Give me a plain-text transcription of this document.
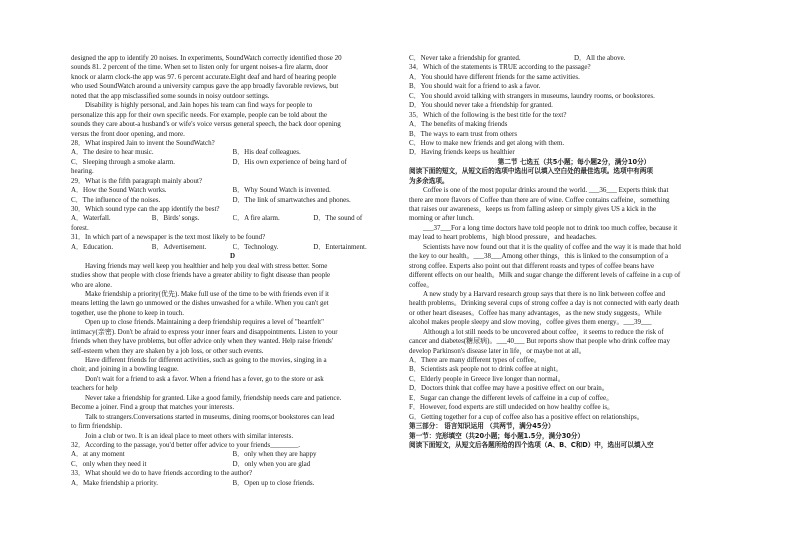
designed the app to identify 20 noises. In experiments, SoundWatch correctly identified those 20
sounds 81. 2 percent of the time. When set to listen only for urgent noises-a fire alarm, door
knock or alarm clock-the app was 97. 6 percent accurate.Eight deaf and hard of hearing people
who used SoundWatch around a university campus gave the app broadly favorable reviews, but
noted that the app misclassified some sounds in noisy outdoor settings.
Disability is highly personal, and Jain hopes his team can find ways for people to
personalize this app for their own specific needs. For example, people can be told about the
sounds they care about-a husband's or wife's voice versus general speech, the back door opening
versus the front door opening, and more.
28．What inspired Jain to invent the SoundWatch?
A．The desire to hear music.	B．His deaf colleagues.
C．Sleeping through a smoke alarm.	D．His own experience of being hard of
hearing.
29．What is the fifth paragraph mainly about?
A．How the Sound Watch works.	B．Why Sound Watch is invented.
C．The influence of the noises.	D．The link of smartwatches and phones.
30．Which sound type can the app identify the best?
A．Waterfall.	B．Birds' songs.	C．A fire alarm.	D．The sound of
forest.
31．In which part of a newspaper is the text most likely to be found?
A．Education.	B．Advertisement.	C．Technology.	D．Entertainment.
D
Having friends may well keep you healthier and help you deal with stress better. Some
studies show that people with close friends have a greater ability to fight disease than people
who are alone.
Make friendship a priority(优先). Make full use of the time to be with friends even if it
means letting the lawn go unmowed or the dishes unwashed for a while. When you can't get
together, use the phone to keep in touch.
Open up to close friends. Maintaining a deep friendship requires a level of "heartfelt"
intimacy(亲密). Don't be afraid to express your inner fears and disappointments. Listen to your
friends when they have problems, but offer advice only when they wanted. Help raise friends'
self-esteem when they are shaken by a job loss, or other such events.
Have different friends for different activities, such as going to the movies, singing in a
choir, and joining in a bowling league.
Don't wait for a friend to ask a favor. When a friend has a fever, go to the store or ask
teachers for help
Never take a friendship for granted. Like a good family, friendship needs care and patience.
Become a joiner. Find a group that matches your interests.
Talk to strangers.Conversations started in museums, dining rooms,or bookstores can lead
to firm friendship.
Join a club or two. It is an ideal place to meet others with similar interests.
32．According to the passage, you'd better offer advice to your friends________.
A．at any moment	B．only when they are happy
C．only when they need it	D．only when you are glad
33．What should we do to have friends according to the author?
A．Make friendship a priority.	B．Open up to close friends.
C．Never take a friendship for granted.	D．All the above.
34．Which of the statements is TRUE according to the passage?
A．You should have different friends for the same activities.
B．You should wait for a friend to ask a favor.
C．You should avoid talking with strangers in museums, laundry rooms, or bookstores.
D．You should never take a friendship for granted.
35．Which of the following is the best title for the text?
A．The benefits of making friends
B．The ways to earn trust from others
C．How to make new friends and get along with them.
D．Having friends keeps us healthier
第二节 七选五（共5小题；每小题2分，满分10分）
阅读下面的短文，从短文后的选项中选出可以填入空白处的最佳选项。选项中有两项
为多余选项。
Coffee is one of the most popular drinks around the world. ___36___ Experts think that
there are more flavors of Coffee than there are of wine. Coffee contains caffeine，something
that raises our awareness，keeps us from falling asleep or simply gives US a kick in the
morning or after lunch.
___37___For a long time doctors have told people not to drink too much coffee, because it
may lead to heart problems，high blood pressure，and headaches.
Scientists have now found out that it is the quality of coffee and the way it is made that hold
the key to our health。___38___Among other things，this is linked to the consumption of a
strong coffee. Experts also point out that different roasts and types of coffee beans have
different effects on our health。Milk and sugar change the different levels of caffeine in a cup of
coffee。
A new study by a Harvard research group says that there is no link between coffee and
health problems。Drinking several cups of strong coffee a day is not connected with early death
or other heart diseases。Coffee has many advantages，as the new study suggests。While
alcohol makes people sleepy and slow moving，coffee gives them energy。___39___
Although a lot still needs to be uncovered about coffee，it seems to reduce the risk of
cancer and diabetes(糖尿病)。___40___ But reports show that people who drink coffee may
develop Parkinson's disease later in life，or maybe not at all。
A．There are many different types of coffee。
B．Scientists ask people not to drink coffee at night。
C．Elderly people in Greece live longer than normal。
D．Doctors think that coffee may have a positive effect on our brain。
E．Sugar can change the different levels of caffeine in a cup of coffee。
F．However, food experts are still undecided on how healthy coffee is。
G．Getting together for a cup of coffee also has a positive effect on relationships。
第三部分： 语言知识运用 （共两节，满分45分）
第一节：完形填空（共20小题；每小题1.5分，满分30分）
阅读下面短文，从短文后各题所给的四个选项（A、B、C和D）中，选出可以填入空
